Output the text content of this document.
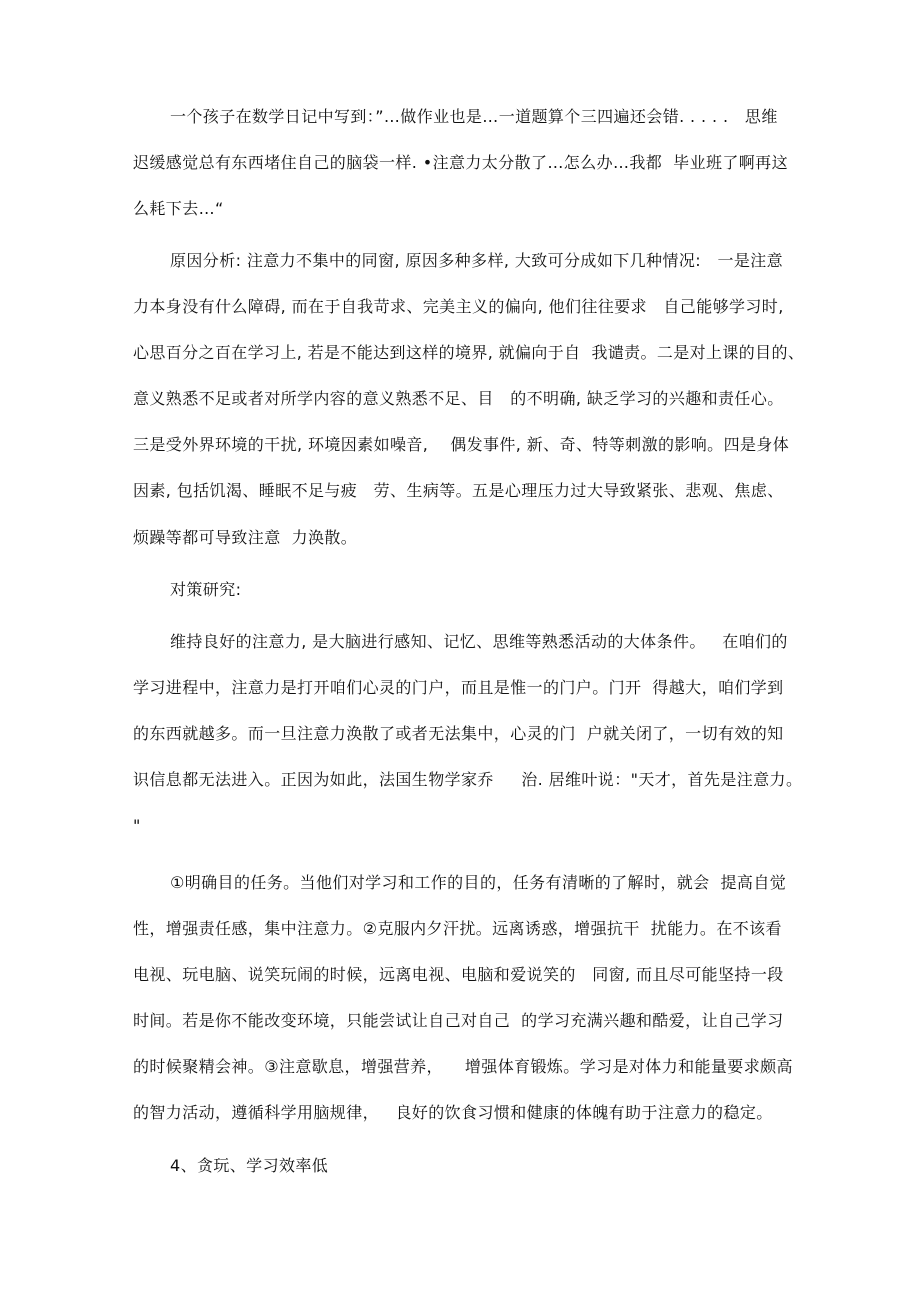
一个孩子在数学日记中写到：”…做作业也是…一道题算个三四遍还会错. . . . .   思维
迟缓感觉总有东西堵住自己的脑袋一样. •注意力太分散了…怎么办…我都  毕业班了啊再这
么耗下去…“
原因分析: 注意力不集中的同窗, 原因多种多样, 大致可分成如下几种情况:   一是注意
力本身没有什么障碍, 而在于自我苛求、完美主义的偏向, 他们往往要求   自己能够学习时,
心思百分之百在学习上, 若是不能达到这样的境界, 就偏向于自  我谴责。二是对上课的目的、
意义熟悉不足或者对所学内容的意义熟悉不足、目   的不明确, 缺乏学习的兴趣和责任心。
三是受外界环境的干扰, 环境因素如噪音,    偶发事件, 新、奇、特等刺激的影响。四是身体
因素, 包括饥渴、睡眠不足与疲   劳、生病等。五是心理压力过大导致紧张、悲观、焦虑、
烦躁等都可导致注意  力涣散。
对策研究:
维持良好的注意力, 是大脑进行感知、记忆、思维等熟悉活动的大体条件。   在咱们的
学习进程中，注意力是打开咱们心灵的门户，而且是惟一的门户。门开  得越大，咱们学到
的东西就越多。而一旦注意力涣散了或者无法集中，心灵的门  户就关闭了，一切有效的知
识信息都无法进入。正因为如此，法国生物学家乔     治. 居维叶说："天才，首先是注意力。
"
①明确目的任务。当他们对学习和工作的目的，任务有清晰的了解时，就会  提高自觉
性，增强责任感，集中注意力。②克服内夕汗扰。远离诱惑，增强抗干  扰能力。在不该看
电视、玩电脑、说笑玩闹的时候，远离电视、电脑和爱说笑的   同窗, 而且尽可能坚持一段
时间。若是你不能改变环境，只能尝试让自己对自己  的学习充满兴趣和酷爱，让自己学习
的时候聚精会神。③注意歇息，增强营养，    增强体育锻炼。学习是对体力和能量要求颇高
的智力活动，遵循科学用脑规律，   良好的饮食习惯和健康的体魄有助于注意力的稳定。
4、贪玩、学习效率低
